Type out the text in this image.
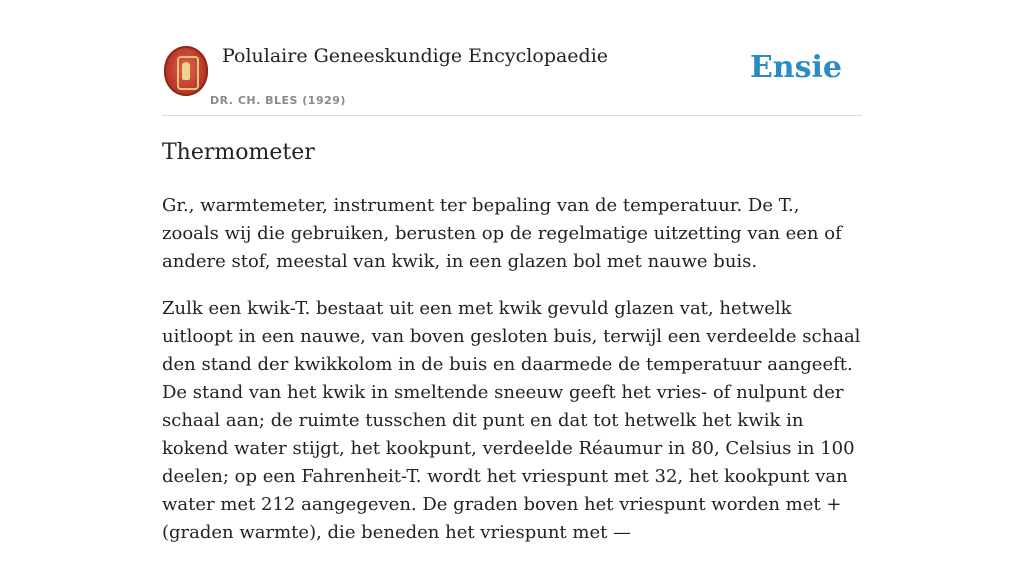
Polulaire Geneeskundige Encyclopaedie
DR. CH. BLES (1929)
Ensie
Thermometer

Gr., warmtemeter, instrument ter bepaling van de temperatuur. De T., zooals wij die gebruiken, berusten op de regelmatige uitzetting van een of andere stof, meestal van kwik, in een glazen bol met nauwe buis.

Zulk een kwik-T. bestaat uit een met kwik gevuld glazen vat, hetwelk uitloopt in een nauwe, van boven gesloten buis, terwijl een verdeelde schaal den stand der kwikkolom in de buis en daarmede de temperatuur aangeeft. De stand van het kwik in smeltende sneeuw geeft het vries- of nulpunt der schaal aan; de ruimte tusschen dit punt en dat tot hetwelk het kwik in kokend water stijgt, het kookpunt, verdeelde Réaumur in 80, Celsius in 100 deelen; op een Fahrenheit-T. wordt het vriespunt met 32, het kookpunt van water met 212 aangegeven. De graden boven het vriespunt worden met + (graden warmte), die beneden het vriespunt met —
